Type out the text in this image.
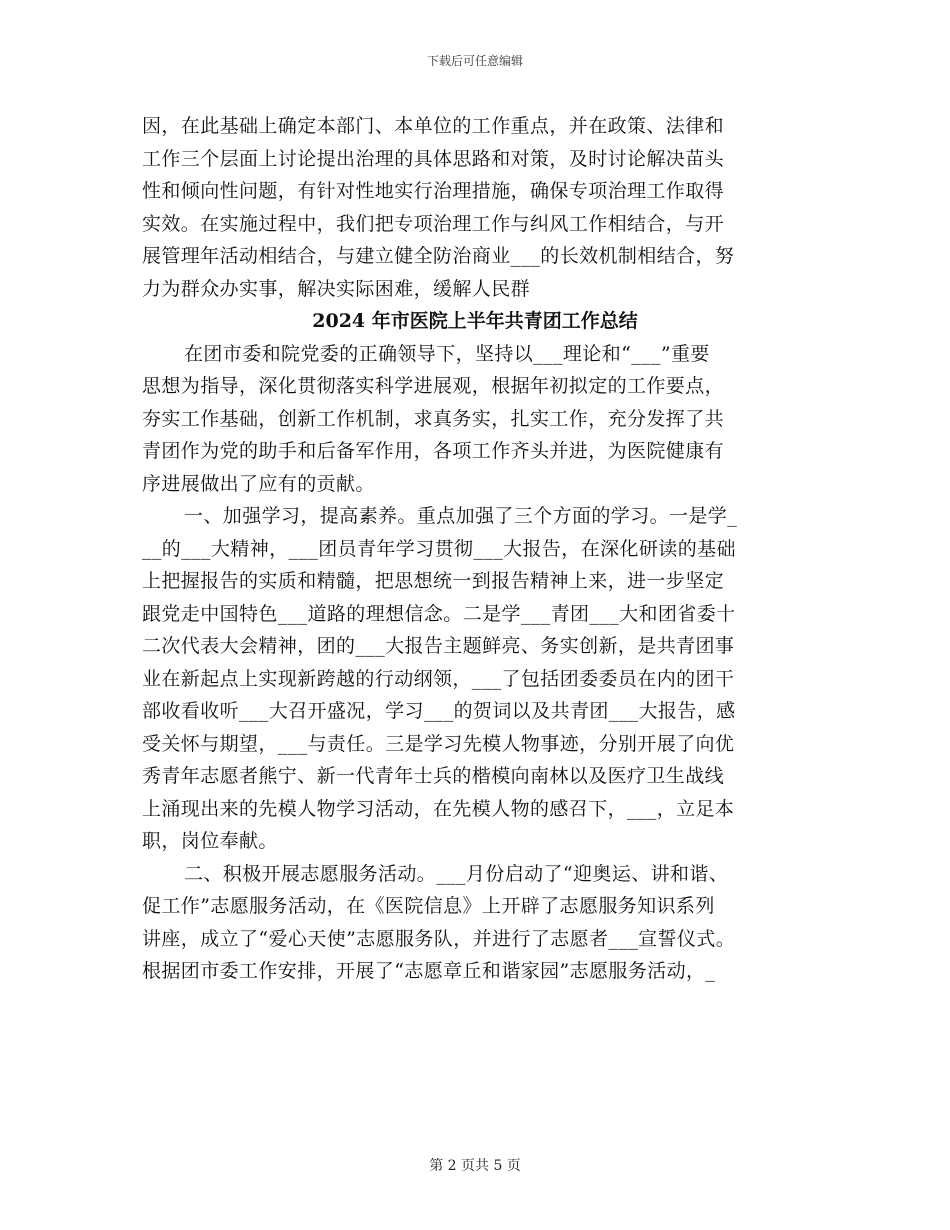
下载后可任意编辑
因，在此基础上确定本部门、本单位的工作重点，并在政策、法律和
工作三个层面上讨论提出治理的具体思路和对策，及时讨论解决苗头
性和倾向性问题，有针对性地实行治理措施，确保专项治理工作取得
实效。在实施过程中，我们把专项治理工作与纠风工作相结合，与开
展管理年活动相结合，与建立健全防治商业___的长效机制相结合，努
力为群众办实事，解决实际困难，缓解人民群
2024 年市医院上半年共青团工作总结
在团市委和院党委的正确领导下，坚持以___理论和“___”重要
思想为指导，深化贯彻落实科学进展观，根据年初拟定的工作要点，
夯实工作基础，创新工作机制，求真务实，扎实工作，充分发挥了共
青团作为党的助手和后备军作用，各项工作齐头并进，为医院健康有
序进展做出了应有的贡献。
一、加强学习，提高素养。重点加强了三个方面的学习。一是学_
__的___大精神，___团员青年学习贯彻___大报告，在深化研读的基础
上把握报告的实质和精髓，把思想统一到报告精神上来，进一步坚定
跟党走中国特色___道路的理想信念。二是学___青团___大和团省委十
二次代表大会精神，团的___大报告主题鲜亮、务实创新，是共青团事
业在新起点上实现新跨越的行动纲领，___了包括团委委员在内的团干
部收看收听___大召开盛况，学习___的贺词以及共青团___大报告，感
受关怀与期望，___与责任。三是学习先模人物事迹，分别开展了向优
秀青年志愿者熊宁、新一代青年士兵的楷模向南林以及医疗卫生战线
上涌现出来的先模人物学习活动，在先模人物的感召下，___，立足本
职，岗位奉献。
二、积极开展志愿服务活动。___月份启动了“迎奥运、讲和谐、
促工作”志愿服务活动，在《医院信息》上开辟了志愿服务知识系列
讲座，成立了“爱心天使”志愿服务队，并进行了志愿者___宣誓仪式。
根据团市委工作安排，开展了“志愿章丘和谐家园”志愿服务活动，_
第 2 页共 5 页
